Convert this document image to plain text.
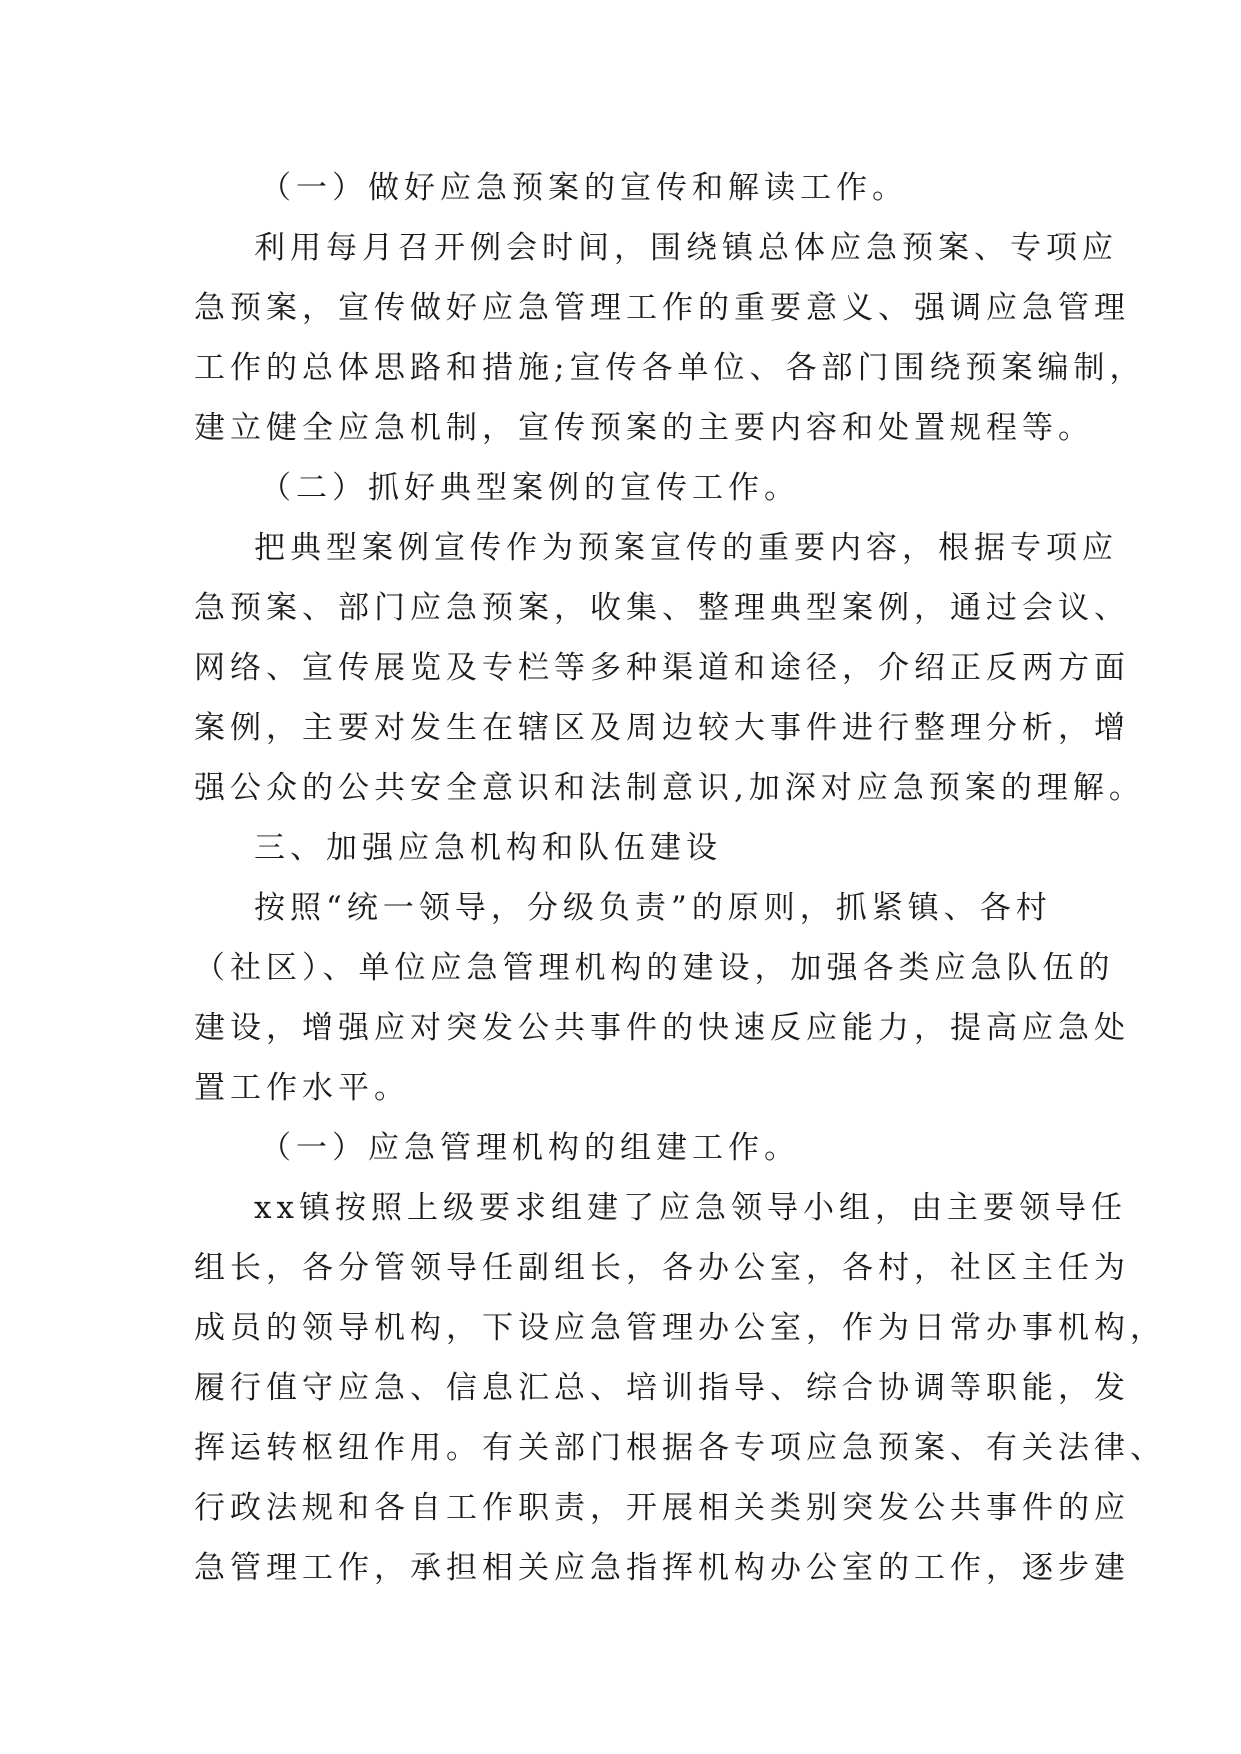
（一）做好应急预案的宣传和解读工作。
利用每月召开例会时间，围绕镇总体应急预案、专项应
急预案，宣传做好应急管理工作的重要意义、强调应急管理
工作的总体思路和措施;宣传各单位、各部门围绕预案编制，
建立健全应急机制，宣传预案的主要内容和处置规程等。
（二）抓好典型案例的宣传工作。
把典型案例宣传作为预案宣传的重要内容，根据专项应
急预案、部门应急预案，收集、整理典型案例，通过会议、
网络、宣传展览及专栏等多种渠道和途径，介绍正反两方面
案例，主要对发生在辖区及周边较大事件进行整理分析，增
强公众的公共安全意识和法制意识,加深对应急预案的理解。
三、加强应急机构和队伍建设
按照“统一领导，分级负责”的原则，抓紧镇、各村
（社区）、单位应急管理机构的建设，加强各类应急队伍的
建设，增强应对突发公共事件的快速反应能力，提高应急处
置工作水平。
（一）应急管理机构的组建工作。
xx镇按照上级要求组建了应急领导小组，由主要领导任
组长，各分管领导任副组长，各办公室，各村，社区主任为
成员的领导机构，下设应急管理办公室，作为日常办事机构，
履行值守应急、信息汇总、培训指导、综合协调等职能，发
挥运转枢纽作用。有关部门根据各专项应急预案、有关法律、
行政法规和各自工作职责，开展相关类别突发公共事件的应
急管理工作，承担相关应急指挥机构办公室的工作，逐步建
